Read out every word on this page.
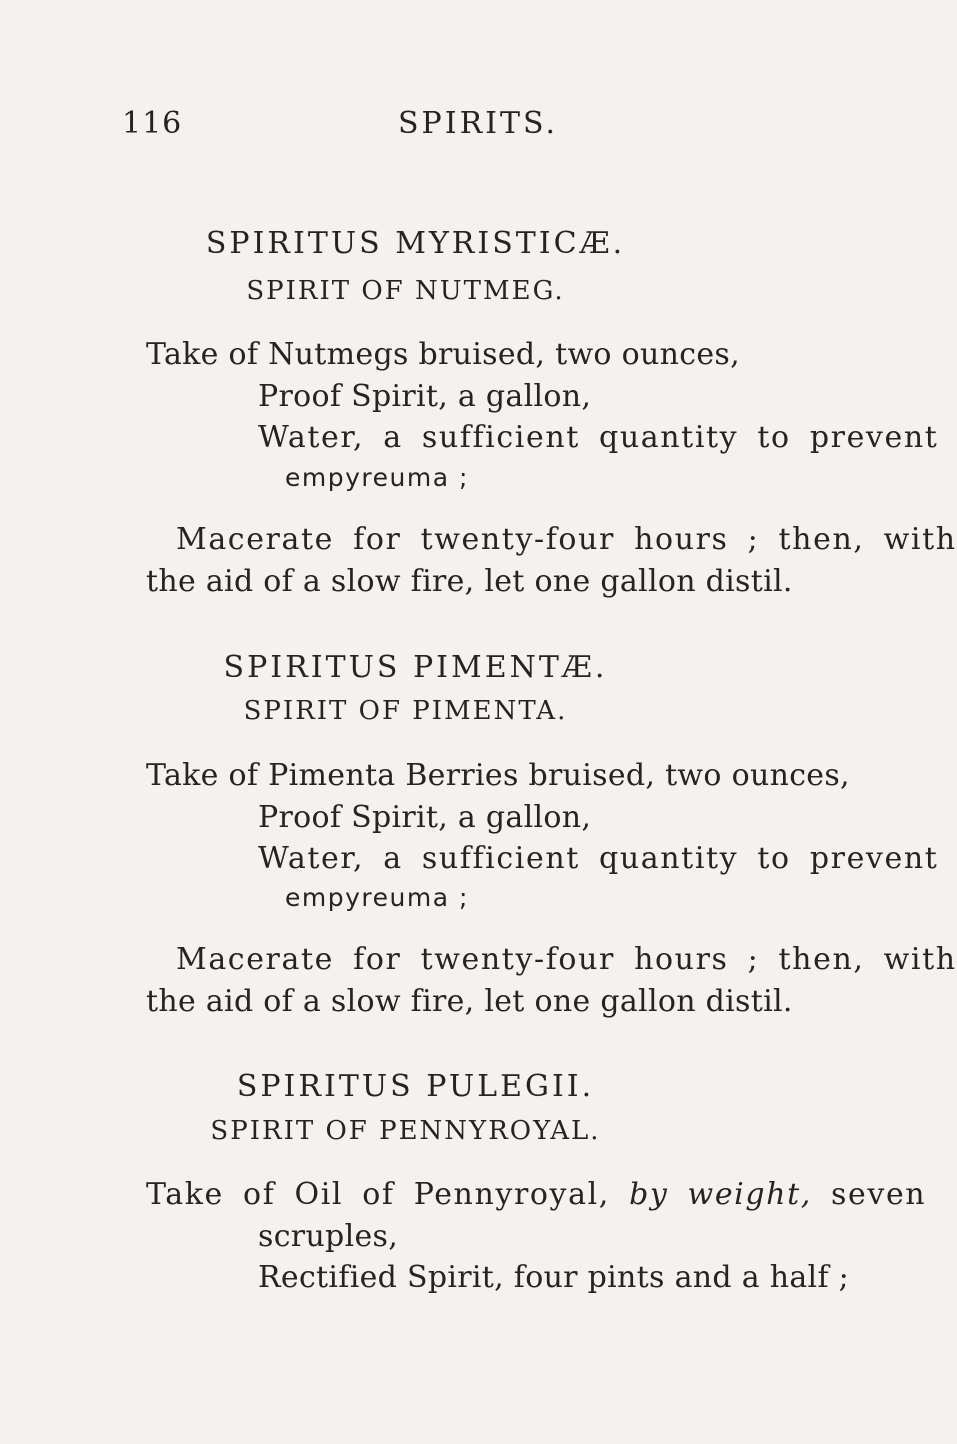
116	SPIRITS.
SPIRITUS MYRISTICÆ.
SPIRIT OF NUTMEG.
Take of Nutmegs bruised, two ounces,
Proof Spirit, a gallon,
Water, a sufficient quantity to prevent
empyreuma ;
Macerate for twenty-four hours ; then, with
the aid of a slow fire, let one gallon distil.
SPIRITUS PIMENTÆ.
SPIRIT OF PIMENTA.
Take of Pimenta Berries bruised, two ounces,
Proof Spirit, a gallon,
Water, a sufficient quantity to prevent
empyreuma ;
Macerate for twenty-four hours ; then, with
the aid of a slow fire, let one gallon distil.
SPIRITUS PULEGII.
SPIRIT OF PENNYROYAL.
Take of Oil of Pennyroyal, by weight, seven
scruples,
Rectified Spirit, four pints and a half ;
